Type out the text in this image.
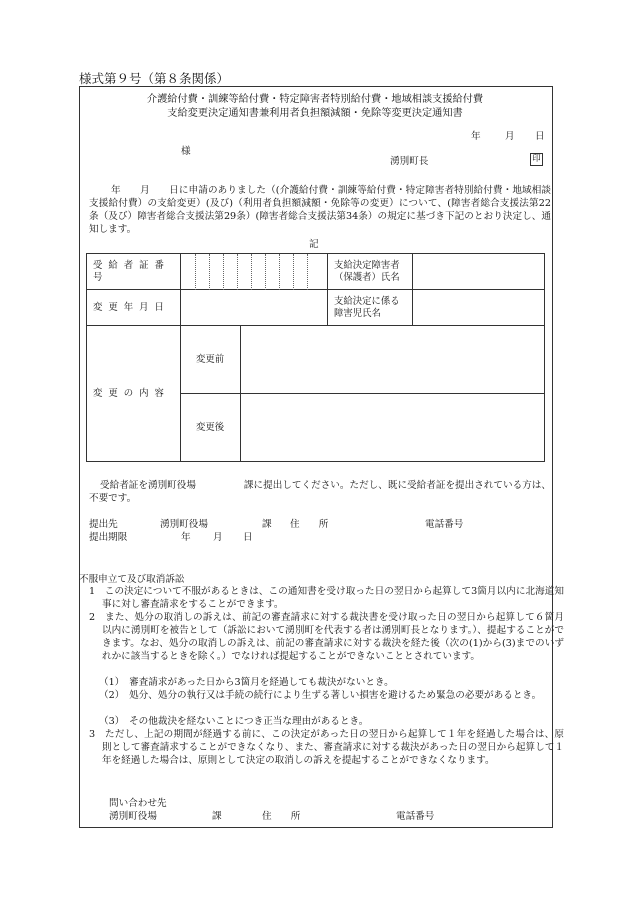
様式第９号（第８条関係）
介護給付費・訓練等給付費・特定障害者特別給付費・地域相談支援給付費
支給変更決定通知書兼利用者負担額減額・免除等変更決定通知書
年	月 日
様
湧別町長	印
年　　月　　日に申請のありました（(介護給付費・訓練等給付費・特定障害者特別給付費・地域相談支援給付費）の支給変更）(及び)（利用者負担額減額・免除等の変更）について、(障害者総合支援法第22条（及び）障害者総合支援法第29条）(障害者総合支援法第34条）の規定に基づき下記のとおり決定し、通知します。
記
受給者証番号			支給決定障害者（保護者）氏名	
変更年月日			支給決定に係る障害児氏名	
変更の内容	変更前			
	変更後			
受給者証を湧別町役場　　　　　課に提出してください。ただし、既に受給者証を提出されている方は、不要です。
提出先	湧別町役場	課 住　　所	電話番号
提出期限	年 月 日
不服申立て及び取消訴訟
1　この決定について不服があるときは、この通知書を受け取った日の翌日から起算して3箇月以内に北海道知事に対し審査請求をすることができます。
2　また、処分の取消しの訴えは、前記の審査請求に対する裁決書を受け取った日の翌日から起算して６箇月以内に湧別町を被告として（訴訟において湧別町を代表する者は湧別町長となります。）、提起することができます。なお、処分の取消しの訴えは、前記の審査請求に対する裁決を経た後（次の(1)から(3)までのいずれかに該当するときを除く。）でなければ提起することができないこととされています。
（1）　審査請求があった日から3箇月を経過しても裁決がないとき。
（2）　処分、処分の執行又は手続の続行により生ずる著しい損害を避けるため緊急の必要があるとき。
（3）　その他裁決を経ないことにつき正当な理由があるとき。
3　ただし、上記の期間が経過する前に、この決定があった日の翌日から起算して１年を経過した場合は、原則として審査請求することができなくなり、また、審査請求に対する裁決があった日の翌日から起算して１年を経過した場合は、原則として決定の取消しの訴えを提起することができなくなります。
問い合わせ先
湧別町役場	課	住　　所	電話番号
